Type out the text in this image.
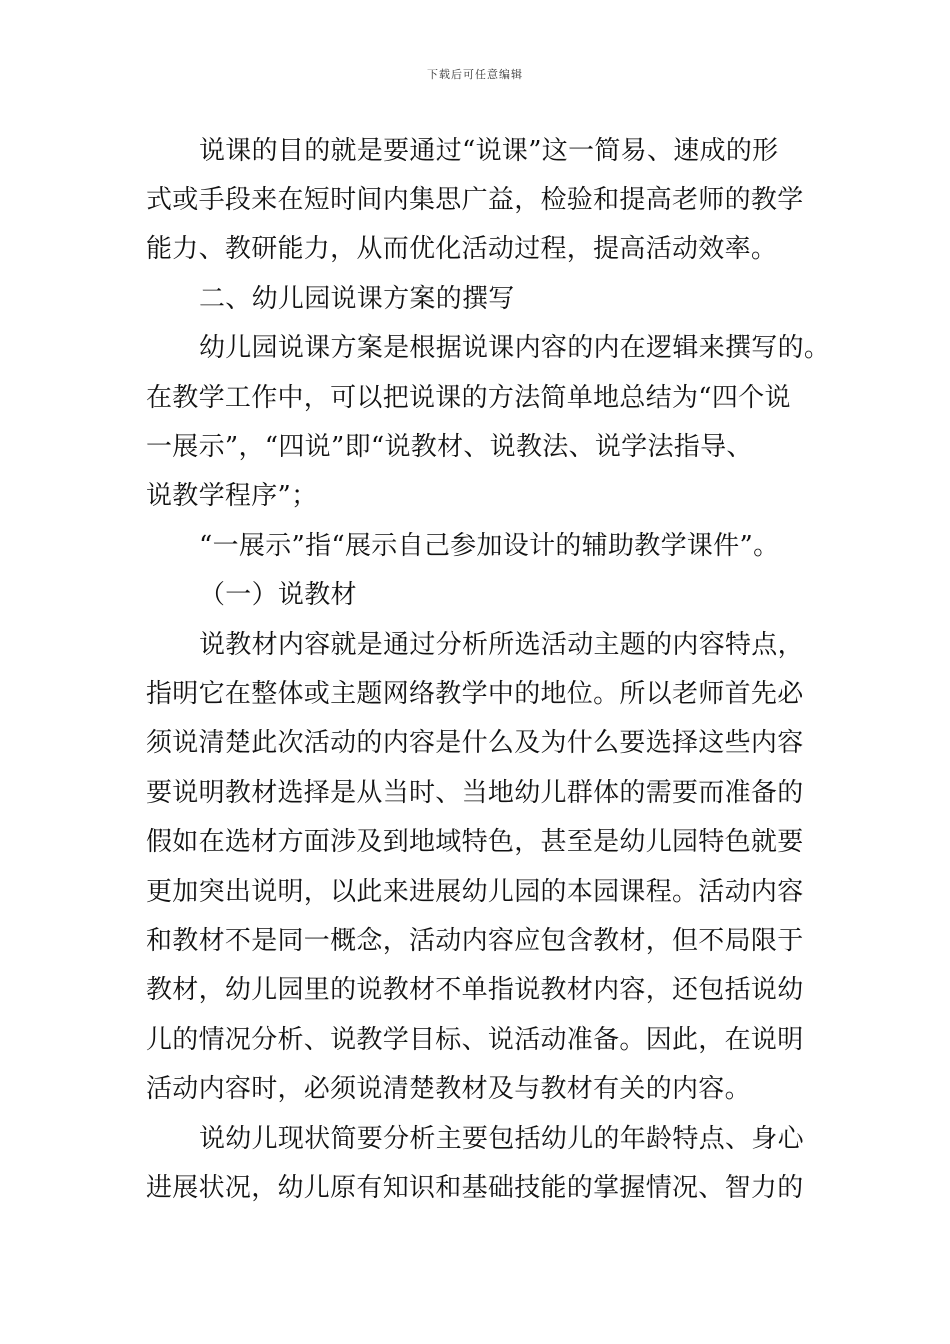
下载后可任意编辑
说课的目的就是要通过“说课”这一简易、速成的形
式或手段来在短时间内集思广益，检验和提高老师的教学
能力、教研能力，从而优化活动过程，提高活动效率。
二、幼儿园说课方案的撰写
幼儿园说课方案是根据说课内容的内在逻辑来撰写的。
在教学工作中，可以把说课的方法简单地总结为“四个说
一展示”，“四说”即“说教材、说教法、说学法指导、
说教学程序”；
“一展示”指“展示自己参加设计的辅助教学课件”。
（一）说教材
说教材内容就是通过分析所选活动主题的内容特点，
指明它在整体或主题网络教学中的地位。所以老师首先必
须说清楚此次活动的内容是什么及为什么要选择这些内容
要说明教材选择是从当时、当地幼儿群体的需要而准备的
假如在选材方面涉及到地域特色，甚至是幼儿园特色就要
更加突出说明，以此来进展幼儿园的本园课程。活动内容
和教材不是同一概念，活动内容应包含教材，但不局限于
教材，幼儿园里的说教材不单指说教材内容，还包括说幼
儿的情况分析、说教学目标、说活动准备。因此，在说明
活动内容时，必须说清楚教材及与教材有关的内容。
说幼儿现状简要分析主要包括幼儿的年龄特点、身心
进展状况，幼儿原有知识和基础技能的掌握情况、智力的
